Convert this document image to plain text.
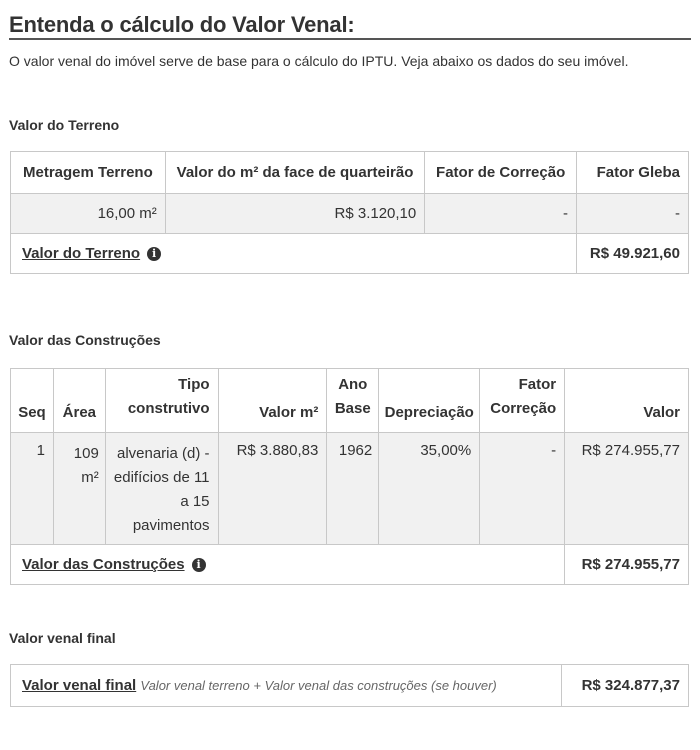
Entenda o cálculo do Valor Venal:
O valor venal do imóvel serve de base para o cálculo do IPTU. Veja abaixo os dados do seu imóvel.
Valor do Terreno
Metragem Terreno	Valor do m² da face de quarteirão	Fator de Correção	Fator Gleba
16,00 m²	R$ 3.120,10	-	-
Valor do Terreno i			R$ 49.921,60
Valor das Construções
Seq	Área	Tipo construtivo	Valor m²	Ano Base	Depreciação	Fator Correção	Valor
1	109 m²	alvenaria (d) - edifícios de 11 a 15 pavimentos	R$ 3.880,83	1962	35,00%	-	R$ 274.955,77
Valor das Construções i							R$ 274.955,77
Valor venal final
Valor venal final Valor venal terreno + Valor venal das construções (se houver)	R$ 324.877,37
